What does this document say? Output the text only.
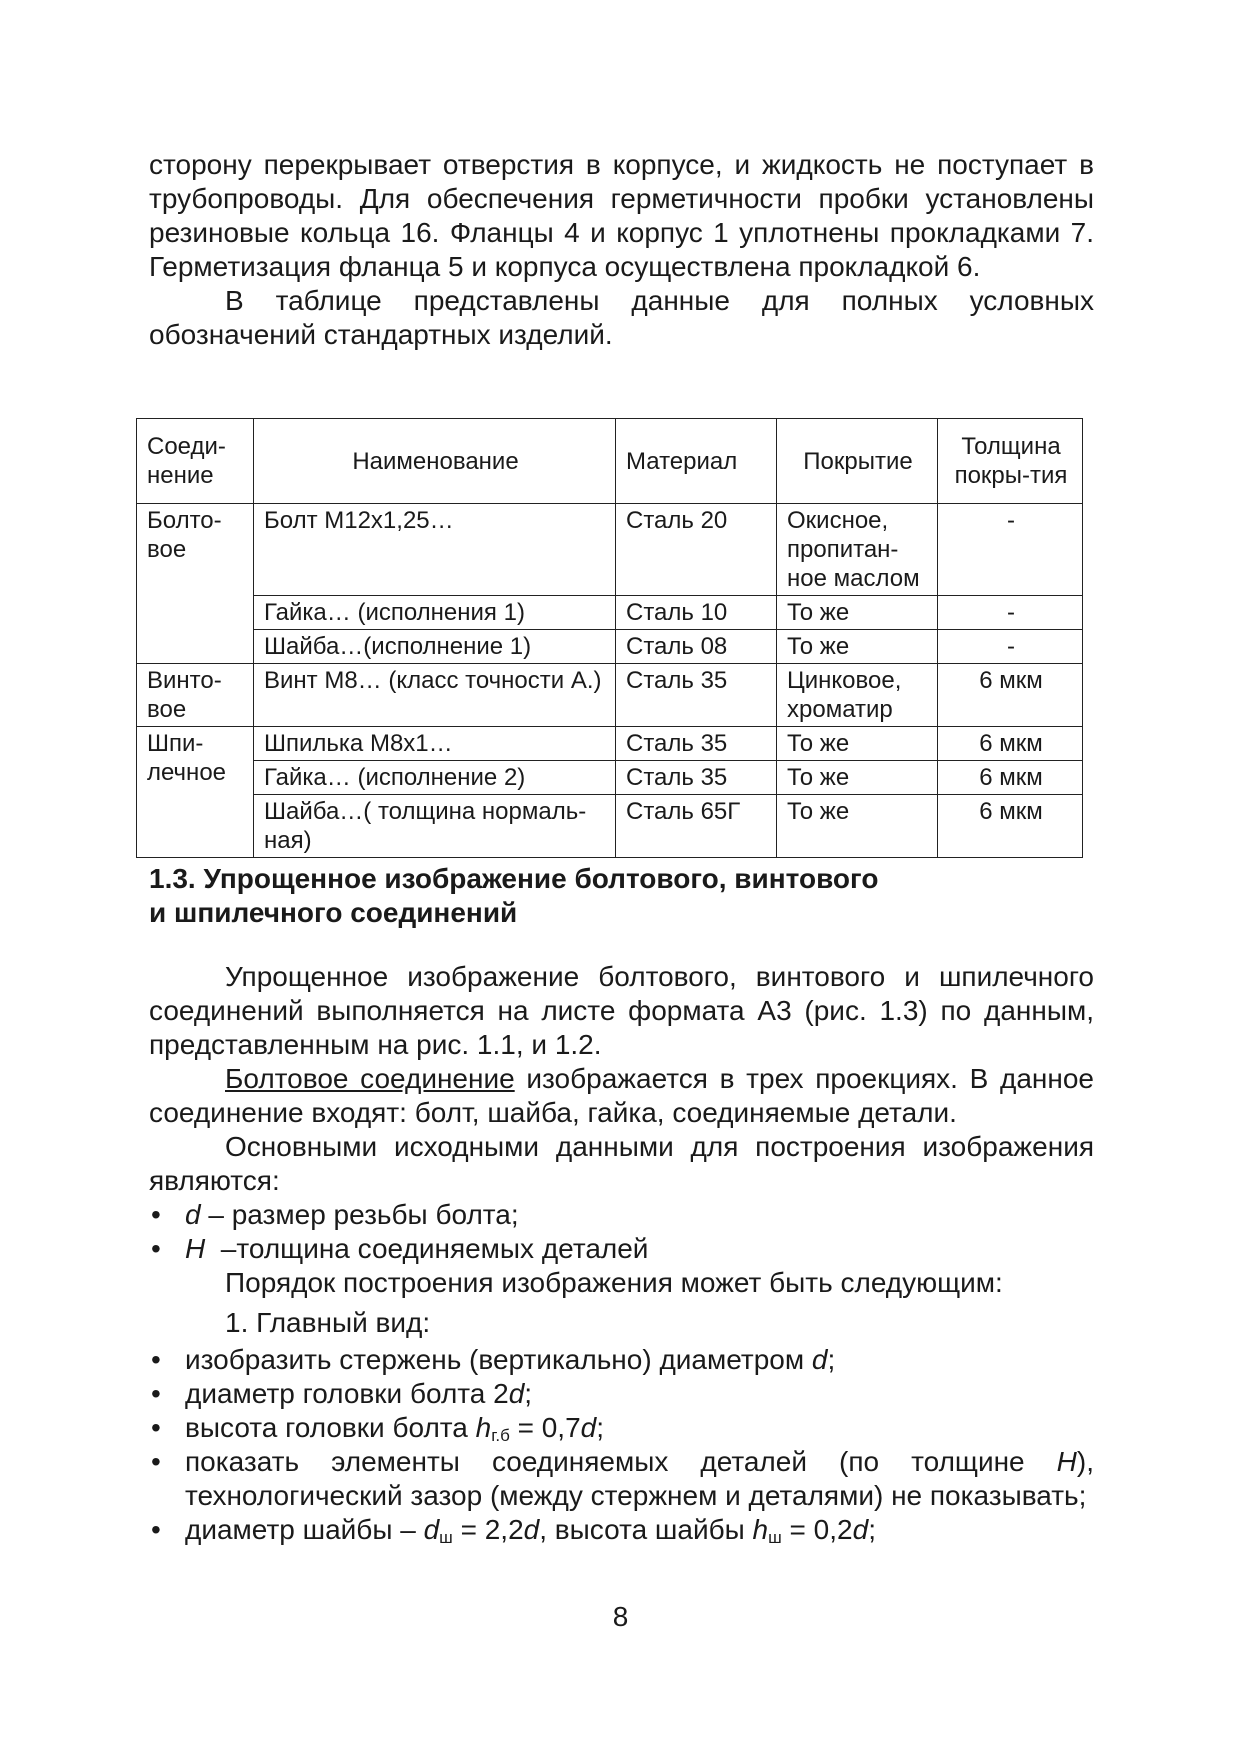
сторону перекрывает отверстия в корпусе, и жидкость не поступает в трубопроводы. Для обеспечения герметичности пробки установлены резиновые кольца 16. Фланцы 4 и корпус 1 уплотнены прокладками 7. Герметизация фланца 5 и корпуса осуществлена прокладкой 6.

В таблице представлены данные для полных условных обозначений стандартных изделий.

Соеди-нение	Наименование	Материал	Покрытие	Толщина покры-тия
Болто-вое	Болт М12х1,25…	Сталь 20	Окисное, пропитан-ное маслом	-
	Гайка… (исполнения 1)	Сталь 10	То же	-
	Шайба…(исполнение 1)	Сталь 08	То же	-
Винто-вое	Винт М8… (класс точности А.)	Сталь 35	Цинковое, хроматир	6 мкм
Шпи-лечное	Шпилька М8х1…	Сталь 35	То же	6 мкм
	Гайка… (исполнение 2)	Сталь 35	То же	6 мкм
	Шайба…( толщина нормаль-ная)	Сталь 65Г	То же	6 мкм
1.3. Упрощенное изображение болтового, винтового
и шпилечного соединений

Упрощенное изображение болтового, винтового и шпилечного соединений выполняется на листе формата А3 (рис. 1.3) по данным, представленным на рис. 1.1, и 1.2.

Болтовое соединение изображается в трех проекциях. В данное соединение входят: болт, шайба, гайка, соединяемые детали.

Основными исходными данными для построения изображения являются:

• d – размер резьбы болта;
• H  –толщина соединяемых деталей

Порядок построения изображения может быть следующим:

1. Главный вид:

• изобразить стержень (вертикально) диаметром d;
• диаметр головки болта 2d;
• высота головки болта $h_{г.б} = 0,7d$;
• показать элементы соединяемых деталей (по толщине H), технологический зазор (между стержнем и деталями) не показывать;
• диаметр шайбы – $d_ш = 2,2d$, высота шайбы $h_ш = 0,2d$;
8
